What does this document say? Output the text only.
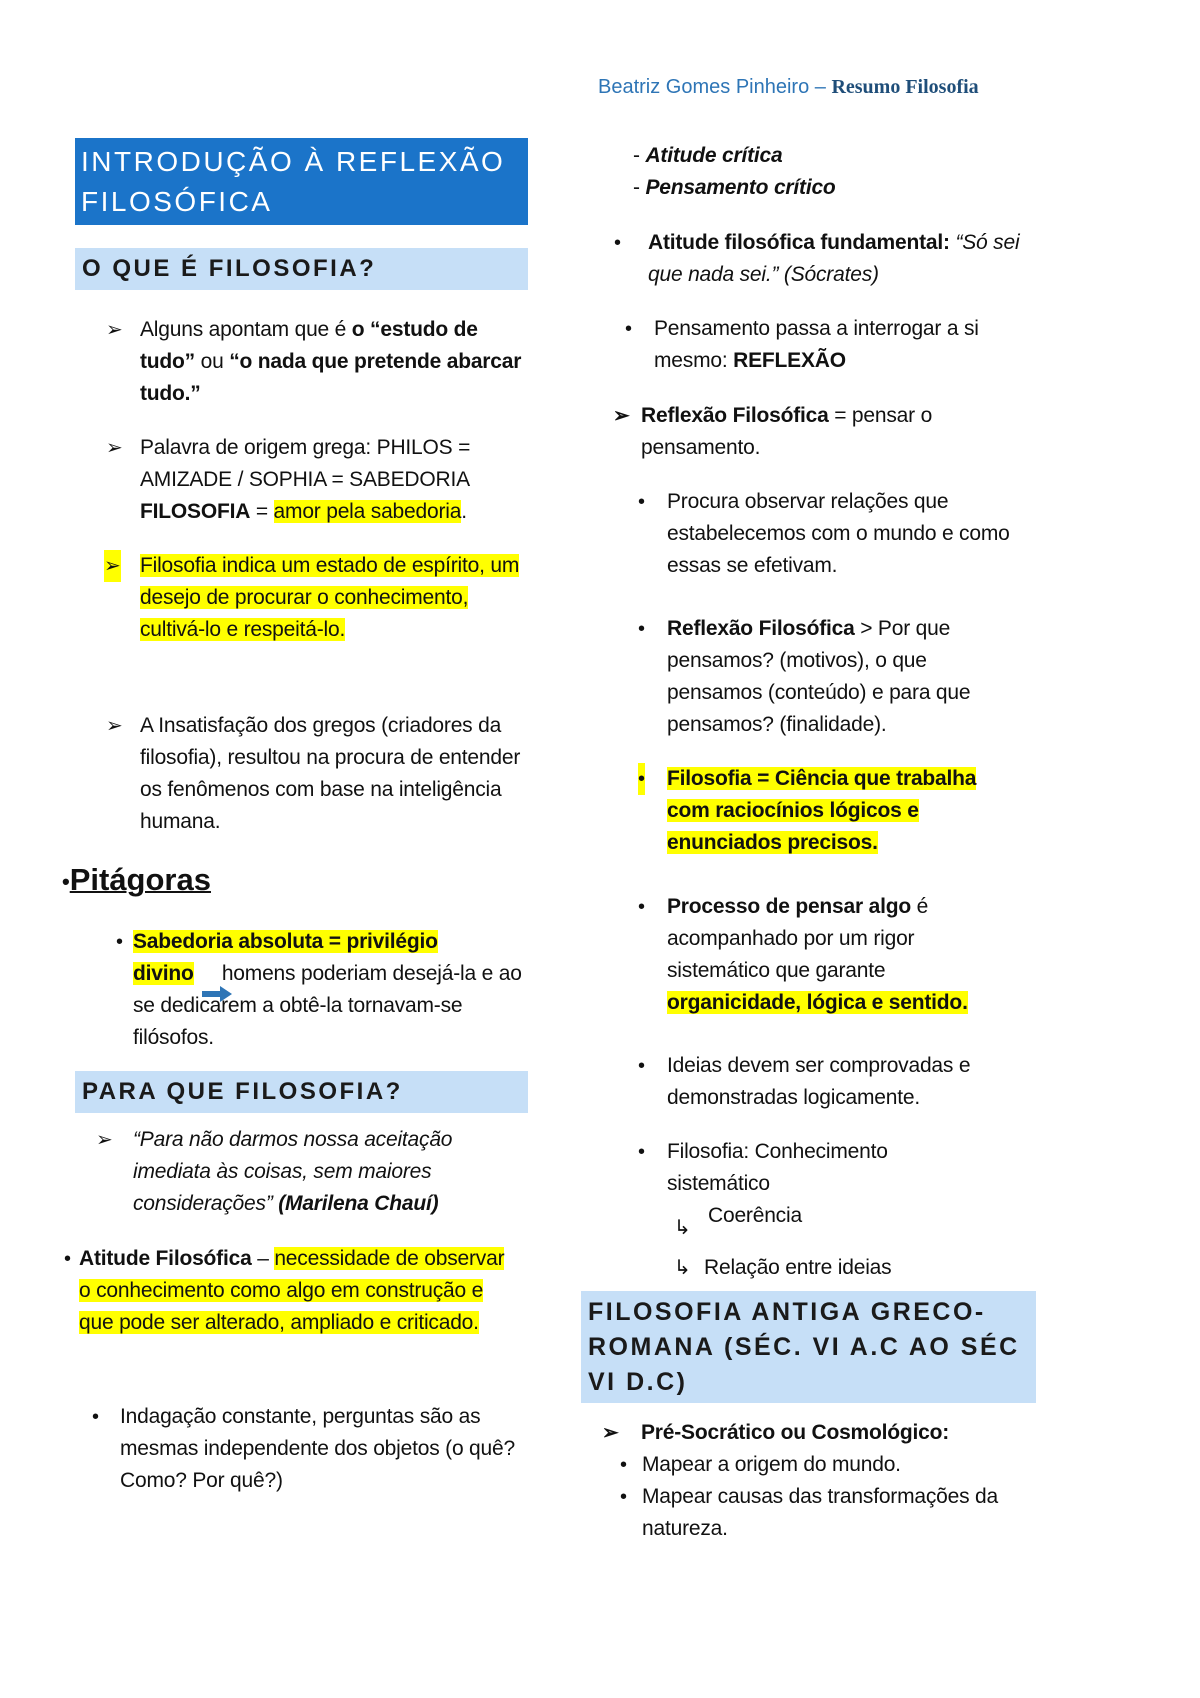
Beatriz Gomes Pinheiro – Resumo Filosofia
INTRODUÇÃO À REFLEXÃO
FILOSÓFICA
O QUE É FILOSOFIA?
➢ Alguns apontam que é o “estudo de tudo” ou “o nada que pretende abarcar tudo.”
➢ Palavra de origem grega: PHILOS = AMIZADE / SOPHIA = SABEDORIA
FILOSOFIA = amor pela sabedoria.
➢ Filosofia indica um estado de espírito, um desejo de procurar o conhecimento, cultivá-lo e respeitá-lo.
➢ A Insatisfação dos gregos (criadores da filosofia), resultou na procura de entender os fenômenos com base na inteligência humana.
•Pitágoras
• Sabedoria absoluta = privilégio divino     homens poderiam desejá-la e ao se dedicarem a obtê-la tornavam-se filósofos.
PARA QUE FILOSOFIA?
➢ “Para não darmos nossa aceitação imediata às coisas, sem maiores considerações” (Marilena Chauí)
• Atitude Filosófica – necessidade de observar o conhecimento como algo em construção e que pode ser alterado, ampliado e criticado.
• Indagação constante, perguntas são as mesmas independente dos objetos (o quê? Como? Por quê?)
- Atitude crítica
- Pensamento crítico
• Atitude filosófica fundamental: “Só sei que nada sei.” (Sócrates)
• Pensamento passa a interrogar a si mesmo: REFLEXÃO
➢ Reflexão Filosófica = pensar o pensamento.
• Procura observar relações que estabelecemos com o mundo e como essas se efetivam.
• Reflexão Filosófica > Por que pensamos? (motivos), o que pensamos (conteúdo) e para que pensamos? (finalidade).
• Filosofia = Ciência que trabalha com raciocínios lógicos e enunciados precisos.
• Processo de pensar algo é acompanhado por um rigor sistemático que garante organicidade, lógica e sentido.
• Ideias devem ser comprovadas e demonstradas logicamente.
• Filosofia: Conhecimento sistemático
↳
Coerência
↳ Relação entre ideias
FILOSOFIA ANTIGA GRECO-ROMANA (SÉC. VI A.C AO SÉC VI D.C)
➢ Pré-Socrático ou Cosmológico:
• Mapear a origem do mundo.
• Mapear causas das transformações da natureza.
